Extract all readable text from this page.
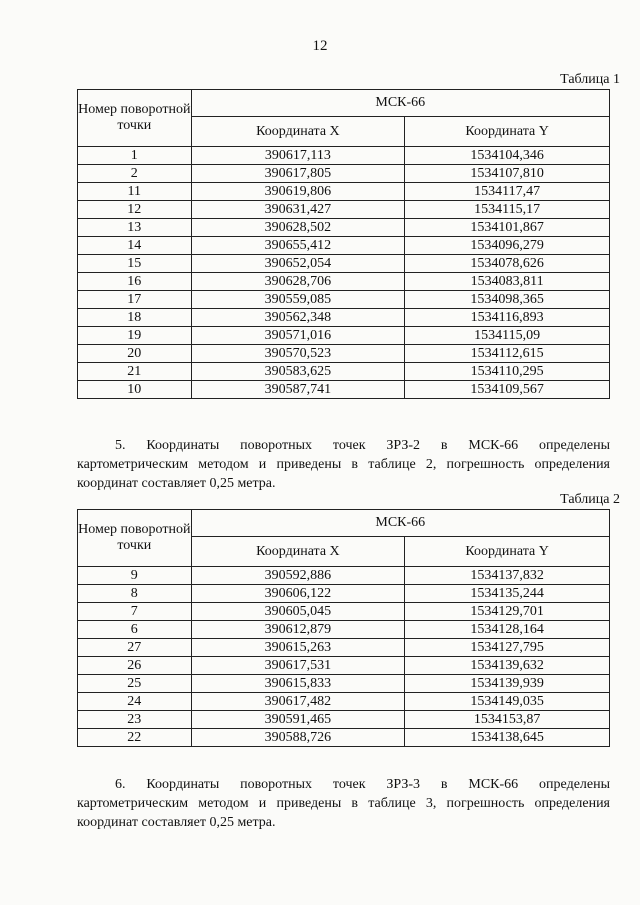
12
Таблица 1
Номер поворотной точки	МСК-66	
	Координата X	Координата Y
1	390617,113	1534104,346
2	390617,805	1534107,810
11	390619,806	1534117,47
12	390631,427	1534115,17
13	390628,502	1534101,867
14	390655,412	1534096,279
15	390652,054	1534078,626
16	390628,706	1534083,811
17	390559,085	1534098,365
18	390562,348	1534116,893
19	390571,016	1534115,09
20	390570,523	1534112,615
21	390583,625	1534110,295
10	390587,741	1534109,567
5. Координаты поворотных точек ЗРЗ-2 в МСК-66 определены
картометрическим методом и приведены в таблице 2, погрешность определения
координат составляет 0,25 метра.
Таблица 2
Номер поворотной точки	МСК-66	
	Координата X	Координата Y
9	390592,886	1534137,832
8	390606,122	1534135,244
7	390605,045	1534129,701
6	390612,879	1534128,164
27	390615,263	1534127,795
26	390617,531	1534139,632
25	390615,833	1534139,939
24	390617,482	1534149,035
23	390591,465	1534153,87
22	390588,726	1534138,645
6. Координаты поворотных точек ЗРЗ-3 в МСК-66 определены
картометрическим методом и приведены в таблице 3, погрешность определения
координат составляет 0,25 метра.
